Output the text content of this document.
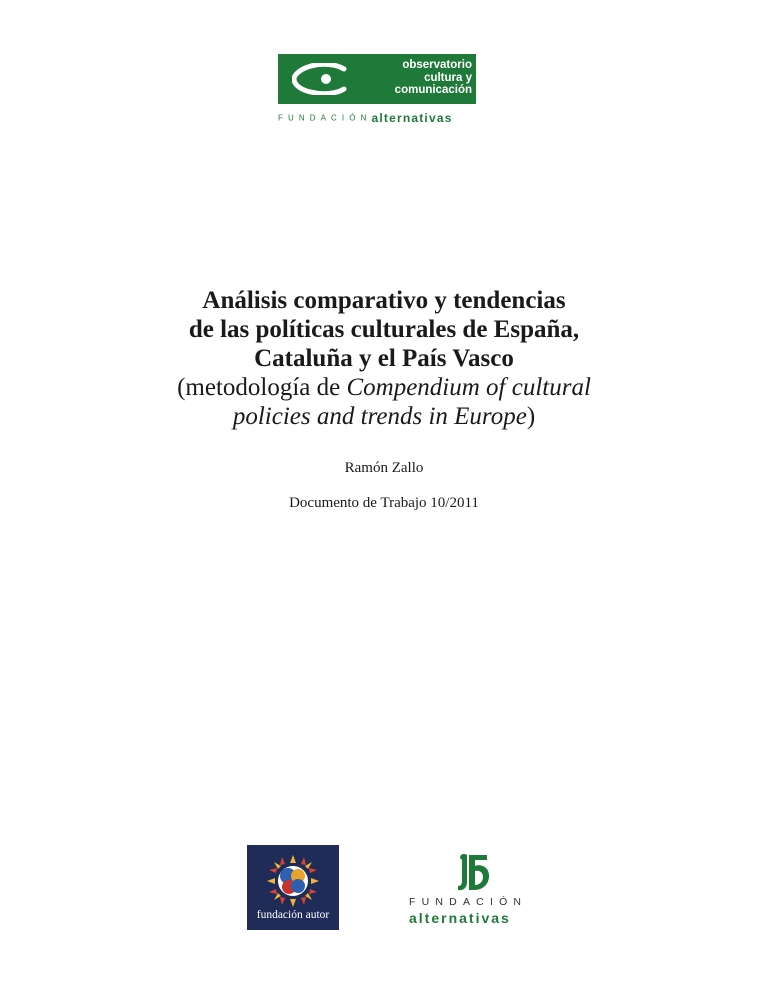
observatorio
cultura y
comunicación
FUNDACIÓNalternativas
Análisis comparativo y tendencias
de las políticas culturales de España,
Cataluña y el País Vasco
(metodología de Compendium of cultural
policies and trends in Europe)
Ramón Zallo
Documento de Trabajo 10/2011
fundación autor
FUNDACIÓN
alternativas
